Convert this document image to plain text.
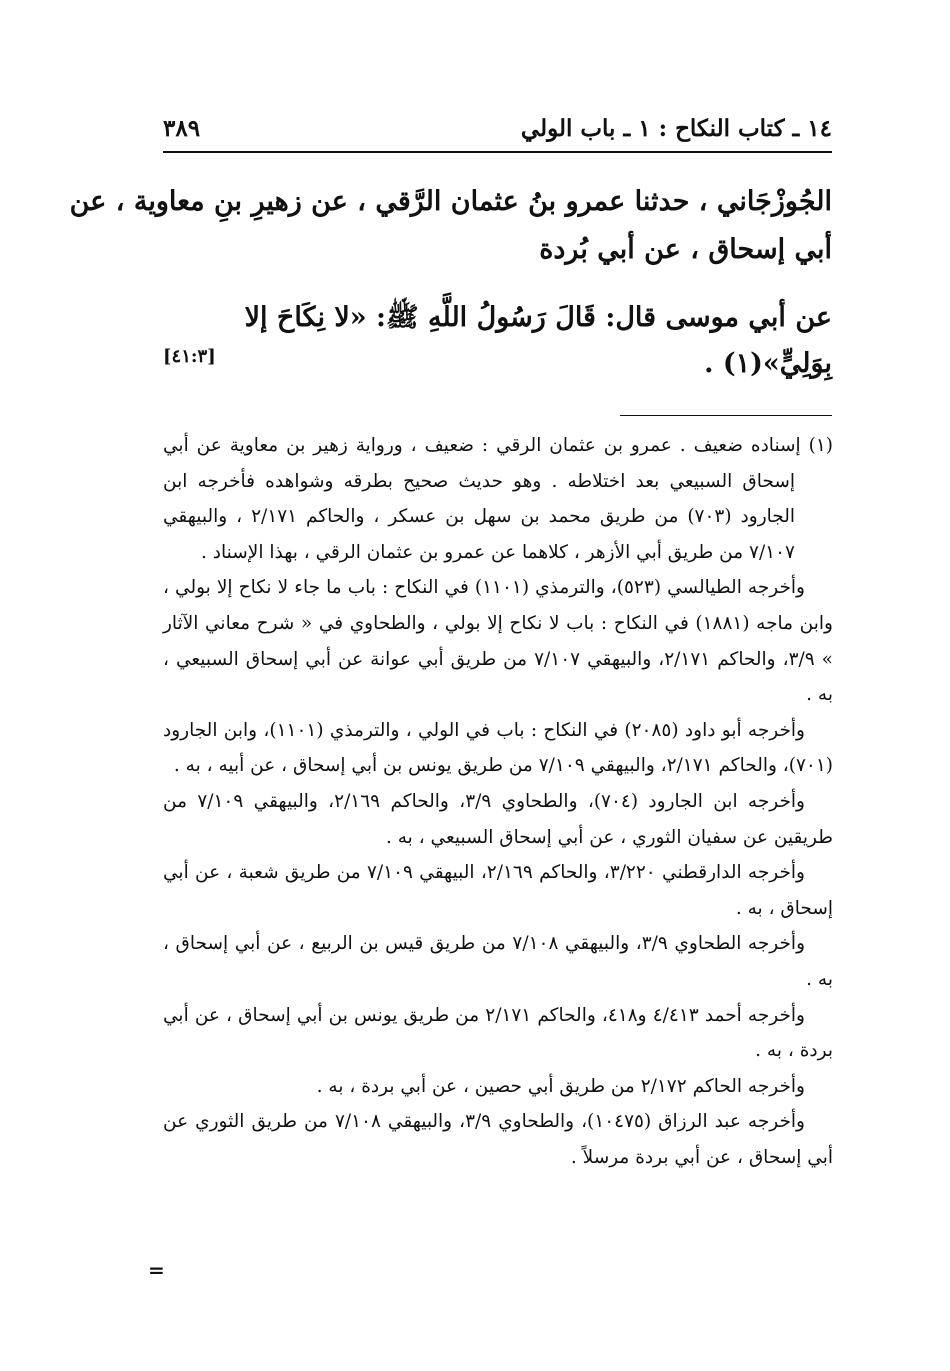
١٤ ـ كتاب النكاح : ١ ـ باب الولي
٣٨٩
الجُوزْجَاني ، حدثنا عمرو بنُ عثمان الرَّقي ، عن زهيرِ بنِ معاوية ، عن
أبي إسحاق ، عن أبي بُردة
عن أبي موسى قال: قَالَ رَسُولُ اللَّهِ ﷺ: «لا نِكَاحَ إلا
بِوَلِيٍّ»(١) .
[٤١:٣]

(١) إسناده ضعيف . عمرو بن عثمان الرقي : ضعيف ، ورواية زهير بن معاوية عن أبي إسحاق السبيعي بعد اختلاطه . وهو حديث صحيح بطرقه وشواهده فأخرجه ابن الجارود (٧٠٣) من طريق محمد بن سهل بن عسكر ، والحاكم ٢/١٧١ ، والبيهقي ٧/١٠٧ من طريق أبي الأزهر ، كلاهما عن عمرو بن عثمان الرقي ، بهذا الإسناد .

وأخرجه الطيالسي (٥٢٣)، والترمذي (١١٠١) في النكاح : باب ما جاء لا نكاح إلا بولي ، وابن ماجه (١٨٨١) في النكاح : باب لا نكاح إلا بولي ، والطحاوي في « شرح معاني الآثار » ٣/٩، والحاكم ٢/١٧١، والبيهقي ٧/١٠٧ من طريق أبي عوانة عن أبي إسحاق السبيعي ، به .

وأخرجه أبو داود (٢٠٨٥) في النكاح : باب في الولي ، والترمذي (١١٠١)، وابن الجارود (٧٠١)، والحاكم ٢/١٧١، والبيهقي ٧/١٠٩ من طريق يونس بن أبي إسحاق ، عن أبيه ، به .

وأخرجه ابن الجارود (٧٠٤)، والطحاوي ٣/٩، والحاكم ٢/١٦٩، والبيهقي ٧/١٠٩ من طريقين عن سفيان الثوري ، عن أبي إسحاق السبيعي ، به .

وأخرجه الدارقطني ٣/٢٢٠، والحاكم ٢/١٦٩، البيهقي ٧/١٠٩ من طريق شعبة ، عن أبي إسحاق ، به .

وأخرجه الطحاوي ٣/٩، والبيهقي ٧/١٠٨ من طريق قيس بن الربيع ، عن أبي إسحاق ، به .

وأخرجه أحمد ٤/٤١٣ و٤١٨، والحاكم ٢/١٧١ من طريق يونس بن أبي إسحاق ، عن أبي بردة ، به .

وأخرجه الحاكم ٢/١٧٢ من طريق أبي حصين ، عن أبي بردة ، به .

وأخرجه عبد الرزاق (١٠٤٧٥)، والطحاوي ٣/٩، والبيهقي ٧/١٠٨ من طريق الثوري عن أبي إسحاق ، عن أبي بردة مرسلاً .

=
